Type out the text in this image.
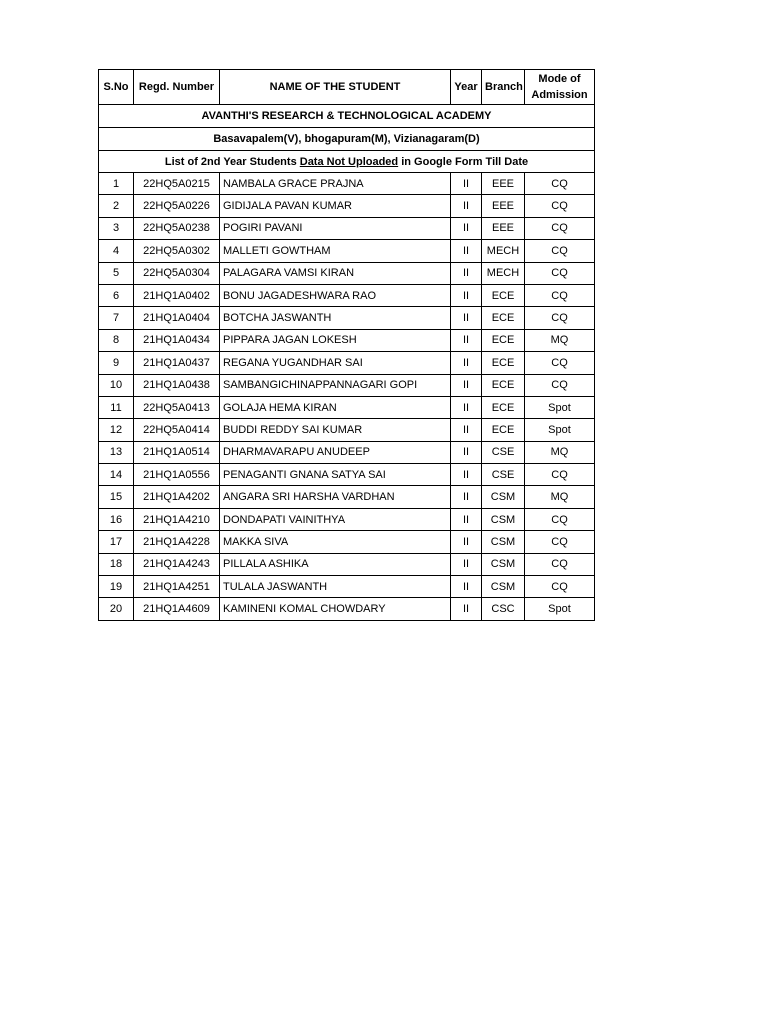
AVANTHI'S RESEARCH & TECHNOLOGICAL ACADEMY					
Basavapalem(V), bhogapuram(M), Vizianagaram(D)					
List of 2nd Year Students Data Not Uploaded in Google Form Till Date					
S.No	Regd. Number	NAME OF THE STUDENT	Year	Branch	Mode of Admission
1	22HQ5A0215	NAMBALA GRACE PRAJNA	II	EEE	CQ
2	22HQ5A0226	GIDIJALA PAVAN KUMAR	II	EEE	CQ
3	22HQ5A0238	POGIRI PAVANI	II	EEE	CQ
4	22HQ5A0302	MALLETI GOWTHAM	II	MECH	CQ
5	22HQ5A0304	PALAGARA VAMSI KIRAN	II	MECH	CQ
6	21HQ1A0402	BONU JAGADESHWARA RAO	II	ECE	CQ
7	21HQ1A0404	BOTCHA JASWANTH	II	ECE	CQ
8	21HQ1A0434	PIPPARA JAGAN LOKESH	II	ECE	MQ
9	21HQ1A0437	REGANA YUGANDHAR SAI	II	ECE	CQ
10	21HQ1A0438	SAMBANGICHINAPPANNAGARI GOPI	II	ECE	CQ
11	22HQ5A0413	GOLAJA HEMA KIRAN	II	ECE	Spot
12	22HQ5A0414	BUDDI REDDY SAI KUMAR	II	ECE	Spot
13	21HQ1A0514	DHARMAVARAPU ANUDEEP	II	CSE	MQ
14	21HQ1A0556	PENAGANTI GNANA SATYA SAI	II	CSE	CQ
15	21HQ1A4202	ANGARA SRI HARSHA VARDHAN	II	CSM	MQ
16	21HQ1A4210	DONDAPATI VAINITHYA	II	CSM	CQ
17	21HQ1A4228	MAKKA SIVA	II	CSM	CQ
18	21HQ1A4243	PILLALA ASHIKA	II	CSM	CQ
19	21HQ1A4251	TULALA JASWANTH	II	CSM	CQ
20	21HQ1A4609	KAMINENI KOMAL CHOWDARY	II	CSC	Spot
